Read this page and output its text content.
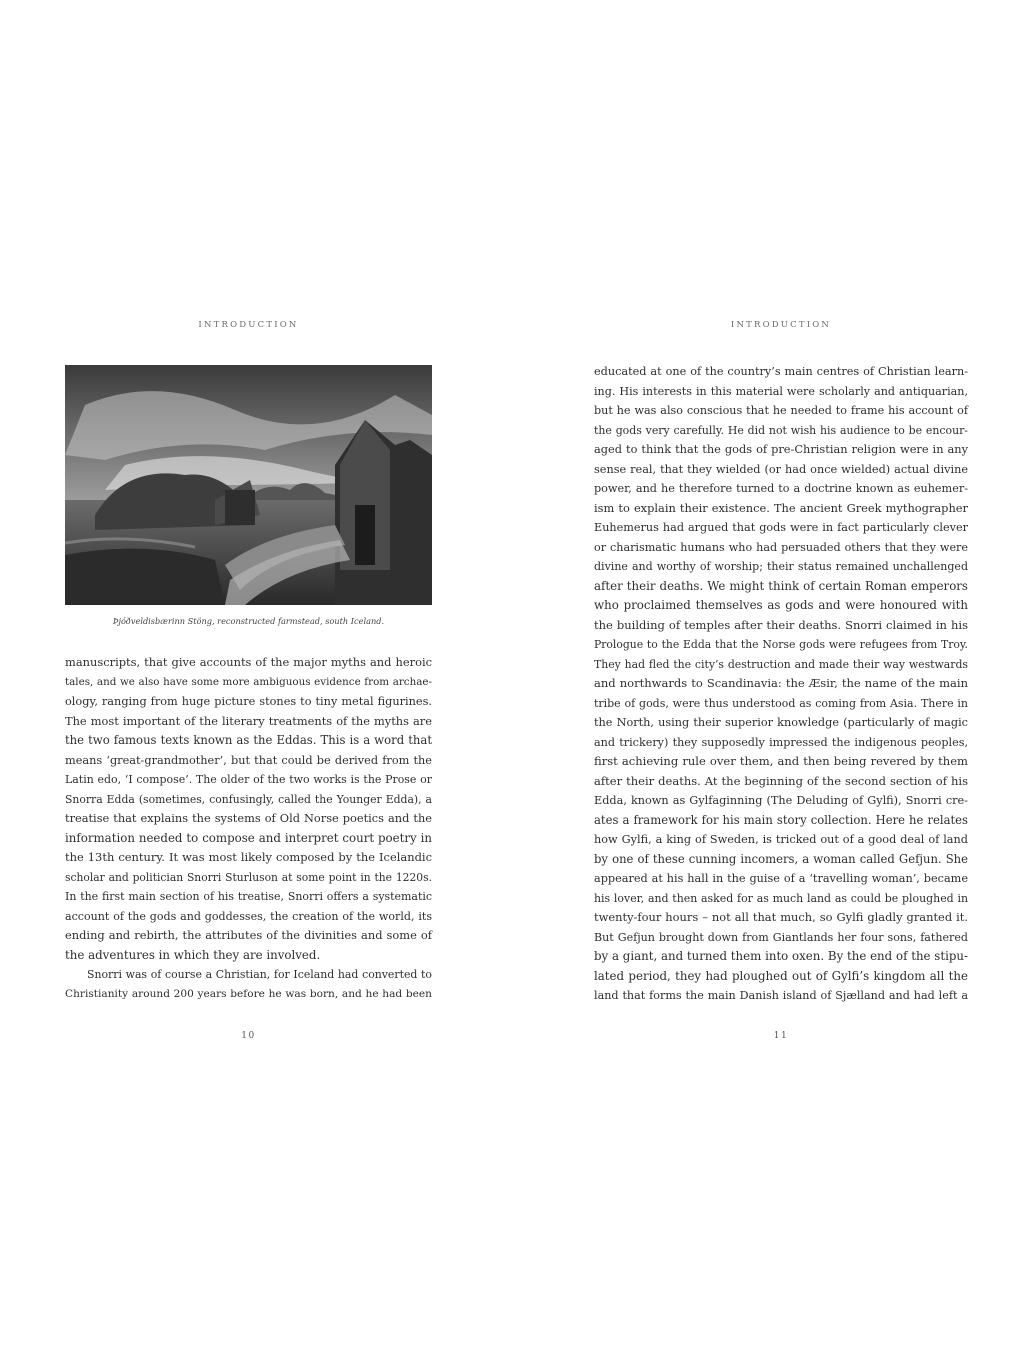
INTRODUCTION
Þjóðveldisbærinn Stöng, reconstructed farmstead, south Iceland.
manuscripts, that give accounts of the major myths and heroic
tales, and we also have some more ambiguous evidence from archae-
ology, ranging from huge picture stones to tiny metal figurines.
The most important of the literary treatments of the myths are
the two famous texts known as the Eddas. This is a word that
means ‘great-grandmother’, but that could be derived from the
Latin edo, ‘I compose’. The older of the two works is the Prose or
Snorra Edda (sometimes, confusingly, called the Younger Edda), a
treatise that explains the systems of Old Norse poetics and the
information needed to compose and interpret court poetry in
the 13th century. It was most likely composed by the Icelandic
scholar and politician Snorri Sturluson at some point in the 1220s.
In the first main section of his treatise, Snorri offers a systematic
account of the gods and goddesses, the creation of the world, its
ending and rebirth, the attributes of the divinities and some of
the adventures in which they are involved.
Snorri was of course a Christian, for Iceland had converted to
Christianity around 200 years before he was born, and he had been
10
INTRODUCTION
educated at one of the country’s main centres of Christian learn-
ing. His interests in this material were scholarly and antiquarian,
but he was also conscious that he needed to frame his account of
the gods very carefully. He did not wish his audience to be encour-
aged to think that the gods of pre-Christian religion were in any
sense real, that they wielded (or had once wielded) actual divine
power, and he therefore turned to a doctrine known as euhemer-
ism to explain their existence. The ancient Greek mythographer
Euhemerus had argued that gods were in fact particularly clever
or charismatic humans who had persuaded others that they were
divine and worthy of worship; their status remained unchallenged
after their deaths. We might think of certain Roman emperors
who proclaimed themselves as gods and were honoured with
the building of temples after their deaths. Snorri claimed in his
Prologue to the Edda that the Norse gods were refugees from Troy.
They had fled the city’s destruction and made their way westwards
and northwards to Scandinavia: the Æsir, the name of the main
tribe of gods, were thus understood as coming from Asia. There in
the North, using their superior knowledge (particularly of magic
and trickery) they supposedly impressed the indigenous peoples,
first achieving rule over them, and then being revered by them
after their deaths. At the beginning of the second section of his
Edda, known as Gylfaginning (The Deluding of Gylfi), Snorri cre-
ates a framework for his main story collection. Here he relates
how Gylfi, a king of Sweden, is tricked out of a good deal of land
by one of these cunning incomers, a woman called Gefjun. She
appeared at his hall in the guise of a ‘travelling woman’, became
his lover, and then asked for as much land as could be ploughed in
twenty-four hours – not all that much, so Gylfi gladly granted it.
But Gefjun brought down from Giantlands her four sons, fathered
by a giant, and turned them into oxen. By the end of the stipu-
lated period, they had ploughed out of Gylfi’s kingdom all the
land that forms the main Danish island of Sjælland and had left a
11
